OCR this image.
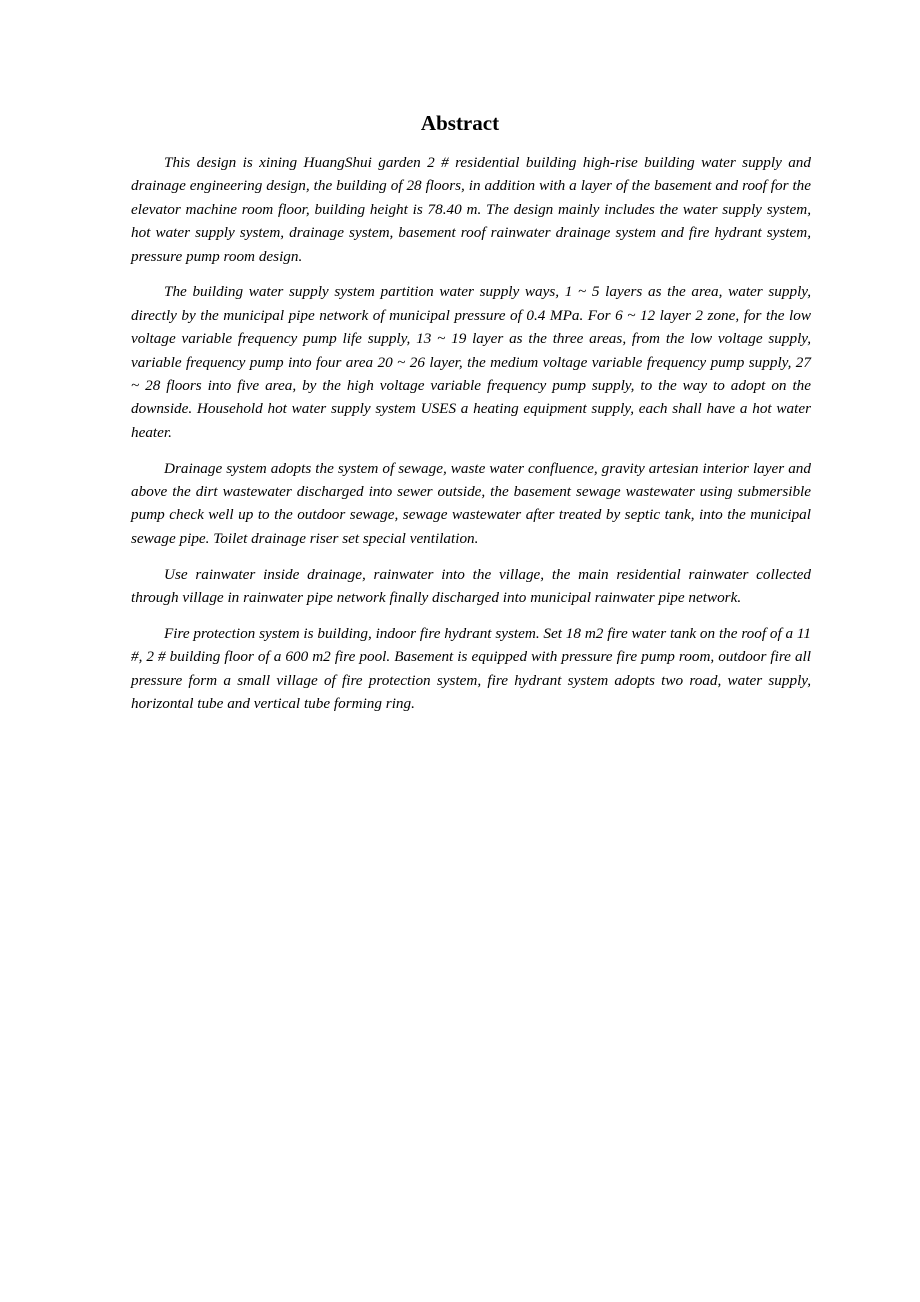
Abstract

This design is xining HuangShui garden 2 # residential building high-rise building water supply and drainage engineering design, the building of 28 floors, in addition with a layer of the basement and roof for the elevator machine room floor, building height is 78.40 m. The design mainly includes the water supply system, hot water supply system, drainage system, basement roof rainwater drainage system and fire hydrant system, pressure pump room design.

The building water supply system partition water supply ways, 1 ~ 5 layers as the area, water supply, directly by the municipal pipe network of municipal pressure of 0.4 MPa. For 6 ~ 12 layer 2 zone, for the low voltage variable frequency pump life supply, 13 ~ 19 layer as the three areas, from the low voltage supply, variable frequency pump into four area 20 ~ 26 layer, the medium voltage variable frequency pump supply, 27 ~ 28 floors into five area, by the high voltage variable frequency pump supply, to the way to adopt on the downside. Household hot water supply system USES a heating equipment supply, each shall have a hot water heater.

Drainage system adopts the system of sewage, waste water confluence, gravity artesian interior layer and above the dirt wastewater discharged into sewer outside, the basement sewage wastewater using submersible pump check well up to the outdoor sewage, sewage wastewater after treated by septic tank, into the municipal sewage pipe. Toilet drainage riser set special ventilation.

Use rainwater inside drainage, rainwater into the village, the main residential rainwater collected through village in rainwater pipe network finally discharged into municipal rainwater pipe network.

Fire protection system is building, indoor fire hydrant system. Set 18 m2 fire water tank on the roof of a 11 #, 2 # building floor of a 600 m2 fire pool. Basement is equipped with pressure fire pump room, outdoor fire all pressure form a small village of fire protection system, fire hydrant system adopts two road, water supply, horizontal tube and vertical tube forming ring.
